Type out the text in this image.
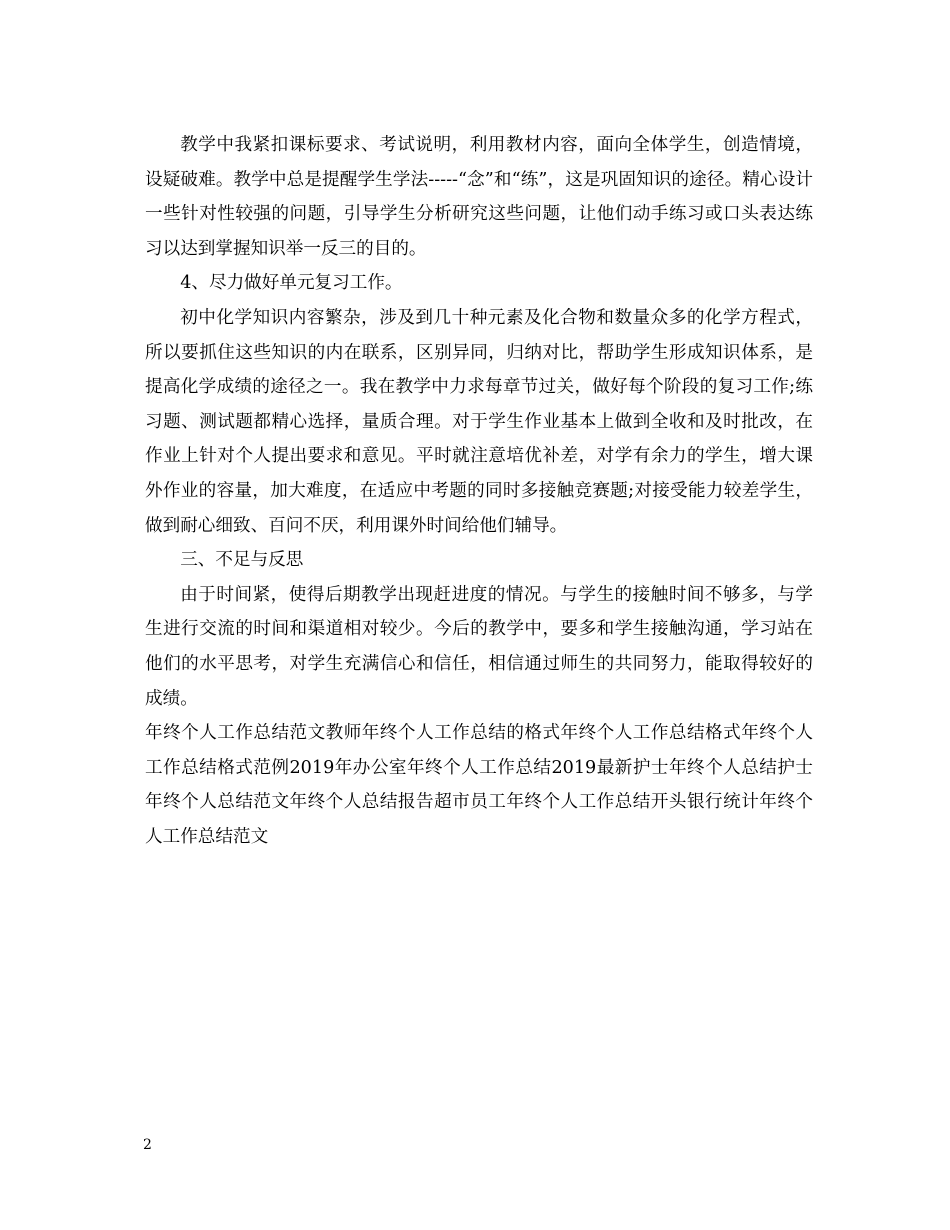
教学中我紧扣课标要求、考试说明，利用教材内容，面向全体学生，创造情境，设疑破难。教学中总是提醒学生学法-----“念”和“练”，这是巩固知识的途径。精心设计一些针对性较强的问题，引导学生分析研究这些问题，让他们动手练习或口头表达练习以达到掌握知识举一反三的目的。

4、尽力做好单元复习工作。

初中化学知识内容繁杂，涉及到几十种元素及化合物和数量众多的化学方程式，所以要抓住这些知识的内在联系，区别异同，归纳对比，帮助学生形成知识体系，是提高化学成绩的途径之一。我在教学中力求每章节过关，做好每个阶段的复习工作;练习题、测试题都精心选择，量质合理。对于学生作业基本上做到全收和及时批改，在作业上针对个人提出要求和意见。平时就注意培优补差，对学有余力的学生，增大课外作业的容量，加大难度，在适应中考题的同时多接触竞赛题;对接受能力较差学生，做到耐心细致、百问不厌，利用课外时间给他们辅导。

三、不足与反思

由于时间紧，使得后期教学出现赶进度的情况。与学生的接触时间不够多，与学生进行交流的时间和渠道相对较少。今后的教学中，要多和学生接触沟通，学习站在他们的水平思考，对学生充满信心和信任，相信通过师生的共同努力，能取得较好的成绩。

年终个人工作总结范文教师年终个人工作总结的格式年终个人工作总结格式年终个人工作总结格式范例2019年办公室年终个人工作总结2019最新护士年终个人总结护士年终个人总结范文年终个人总结报告超市员工年终个人工作总结开头银行统计年终个人工作总结范文

2
